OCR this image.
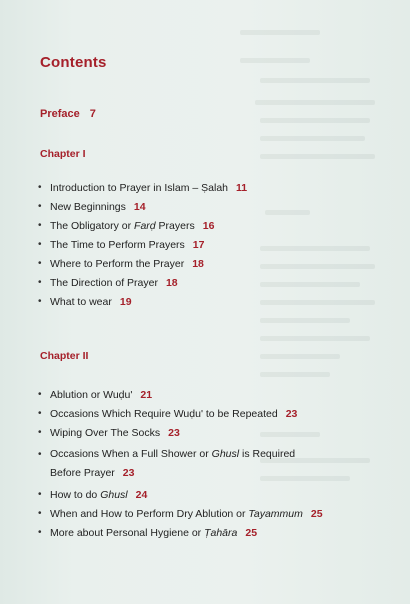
Contents
Preface 7
Chapter I
• Introduction to Prayer in Islam – Ṣalah 11
• New Beginnings 14
• The Obligatory or Farḍ Prayers 16
• The Time to Perform Prayers 17
• Where to Perform the Prayer 18
• The Direction of Prayer 18
• What to wear 19
Chapter II
• Ablution or Wuḍu' 21
• Occasions Which Require Wuḍu' to be Repeated 23
• Wiping Over The Socks 23
• Occasions When a Full Shower or Ghusl is Required
Before Prayer 23
• How to do Ghusl 24
• When and How to Perform Dry Ablution or Tayammum 25
• More about Personal Hygiene or Ṭahāra 25
